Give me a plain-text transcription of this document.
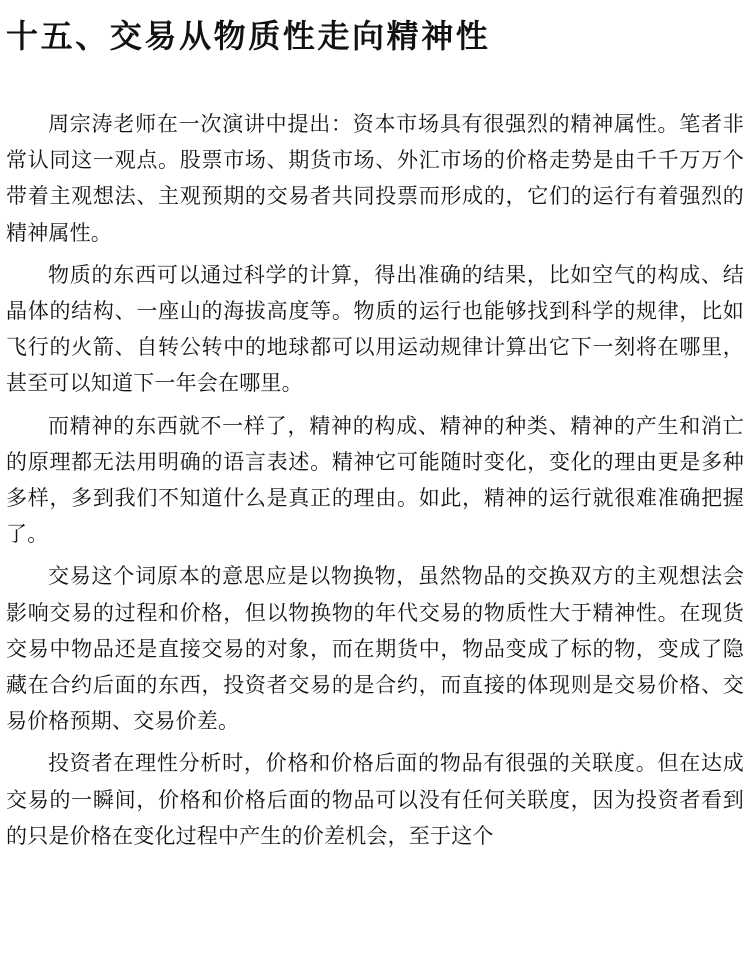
十五、交易从物质性走向精神性

周宗涛老师在一次演讲中提出：资本市场具有很强烈的精神属性。笔者非常认同这一观点。股票市场、期货市场、外汇市场的价格走势是由千千万万个带着主观想法、主观预期的交易者共同投票而形成的，它们的运行有着强烈的精神属性。

物质的东西可以通过科学的计算，得出准确的结果，比如空气的构成、结晶体的结构、一座山的海拔高度等。物质的运行也能够找到科学的规律，比如飞行的火箭、自转公转中的地球都可以用运动规律计算出它下一刻将在哪里，甚至可以知道下一年会在哪里。

而精神的东西就不一样了，精神的构成、精神的种类、精神的产生和消亡的原理都无法用明确的语言表述。精神它可能随时变化，变化的理由更是多种多样，多到我们不知道什么是真正的理由。如此，精神的运行就很难准确把握了。

交易这个词原本的意思应是以物换物，虽然物品的交换双方的主观想法会影响交易的过程和价格，但以物换物的年代交易的物质性大于精神性。在现货交易中物品还是直接交易的对象，而在期货中，物品变成了标的物，变成了隐藏在合约后面的东西，投资者交易的是合约，而直接的体现则是交易价格、交易价格预期、交易价差。

投资者在理性分析时，价格和价格后面的物品有很强的关联度。但在达成交易的一瞬间，价格和价格后面的物品可以没有任何关联度，因为投资者看到的只是价格在变化过程中产生的价差机会，至于这个
